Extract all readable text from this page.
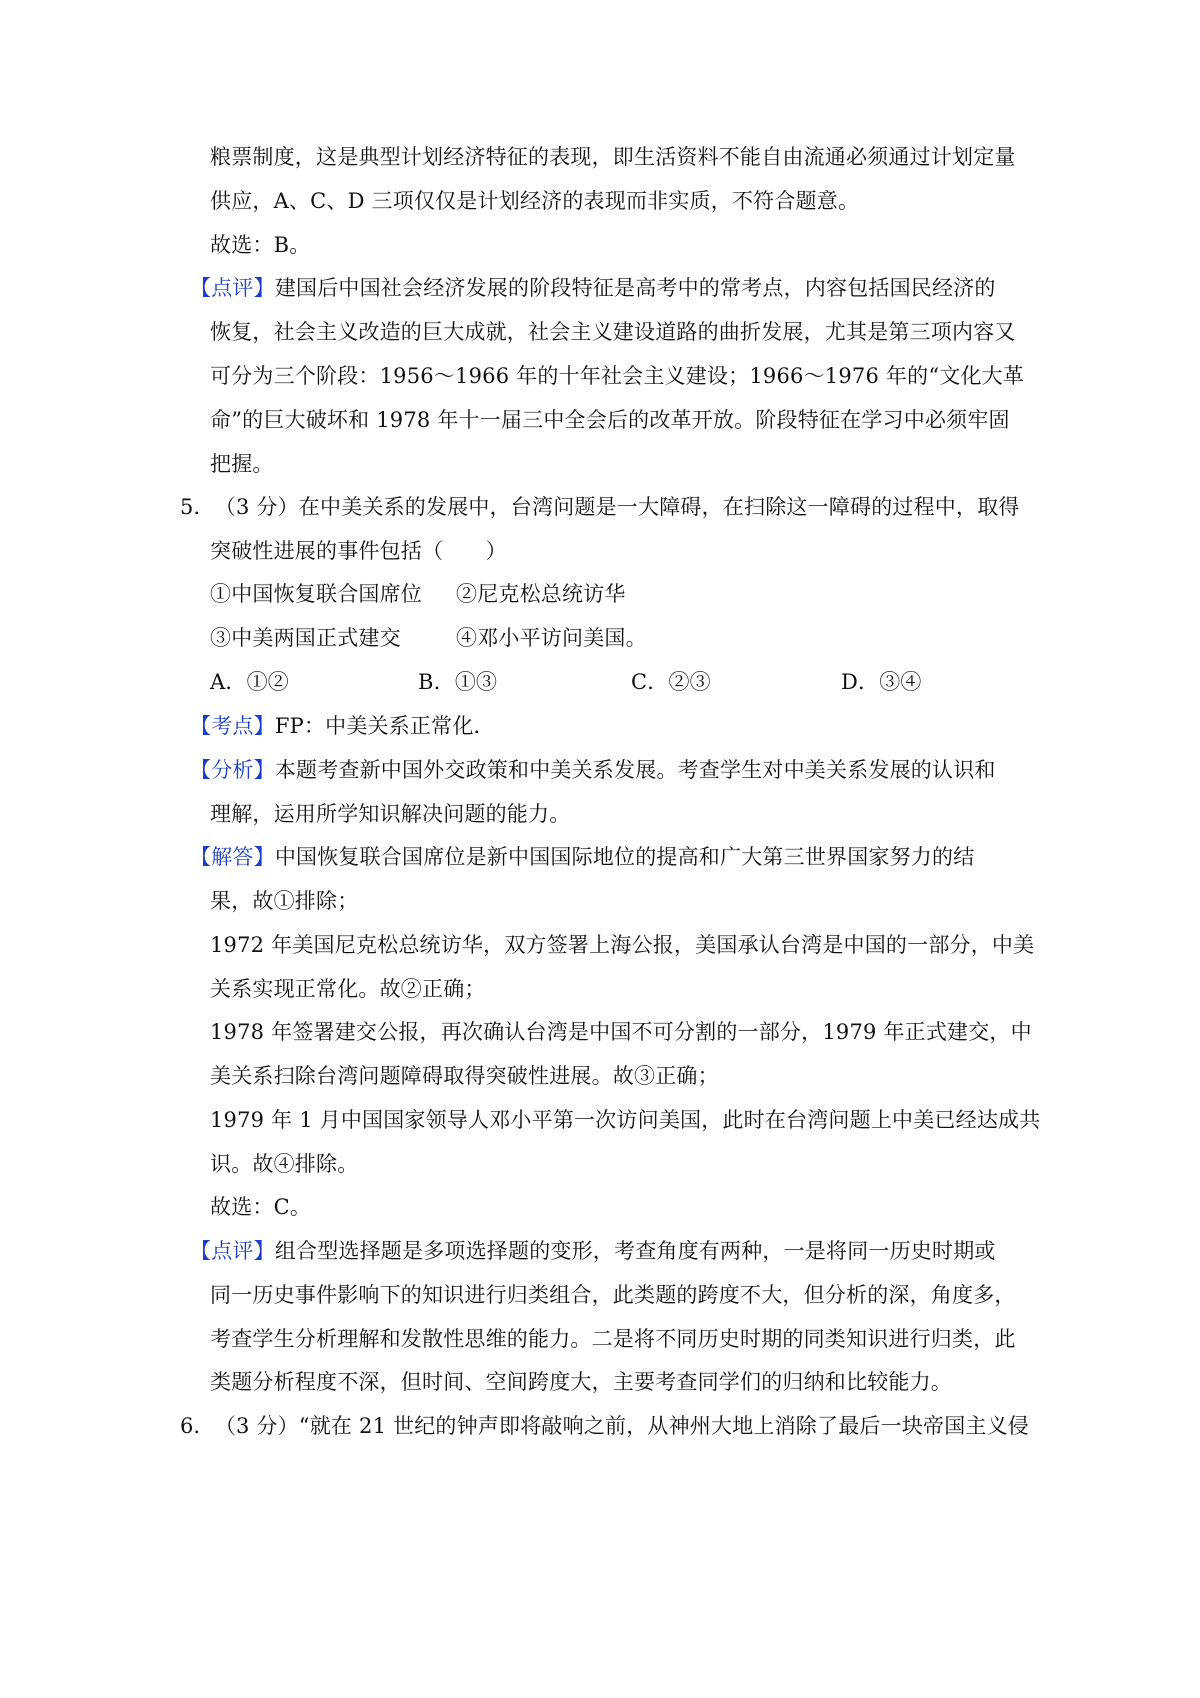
粮票制度，这是典型计划经济特征的表现，即生活资料不能自由流通必须通过计划定量
供应，A、C、D 三项仅仅是计划经济的表现而非实质，不符合题意。
故选：B。
【点评】建国后中国社会经济发展的阶段特征是高考中的常考点，内容包括国民经济的
恢复，社会主义改造的巨大成就，社会主义建设道路的曲折发展，尤其是第三项内容又
可分为三个阶段：1956～1966 年的十年社会主义建设；1966～1976 年的“文化大革
命”的巨大破坏和 1978 年十一届三中全会后的改革开放。阶段特征在学习中必须牢固
把握。
5．（3 分）在中美关系的发展中，台湾问题是一大障碍，在扫除这一障碍的过程中，取得
突破性进展的事件包括（　　）
①中国恢复联合国席位 ②尼克松总统访华
③中美两国正式建交	④邓小平访问美国。
A．①②	B．①③	C．②③	D．③④
【考点】FP：中美关系正常化．
【分析】本题考查新中国外交政策和中美关系发展。考查学生对中美关系发展的认识和
理解，运用所学知识解决问题的能力。
【解答】中国恢复联合国席位是新中国国际地位的提高和广大第三世界国家努力的结
果，故①排除；
1972 年美国尼克松总统访华，双方签署上海公报，美国承认台湾是中国的一部分，中美
关系实现正常化。故②正确；
1978 年签署建交公报，再次确认台湾是中国不可分割的一部分，1979 年正式建交，中
美关系扫除台湾问题障碍取得突破性进展。故③正确；
1979 年 1 月中国国家领导人邓小平第一次访问美国，此时在台湾问题上中美已经达成共
识。故④排除。
故选：C。
【点评】组合型选择题是多项选择题的变形，考查角度有两种，一是将同一历史时期或
同一历史事件影响下的知识进行归类组合，此类题的跨度不大，但分析的深，角度多，
考查学生分析理解和发散性思维的能力。二是将不同历史时期的同类知识进行归类，此
类题分析程度不深，但时间、空间跨度大，主要考查同学们的归纳和比较能力。
6．（3 分）“就在 21 世纪的钟声即将敲响之前，从神州大地上消除了最后一块帝国主义侵
